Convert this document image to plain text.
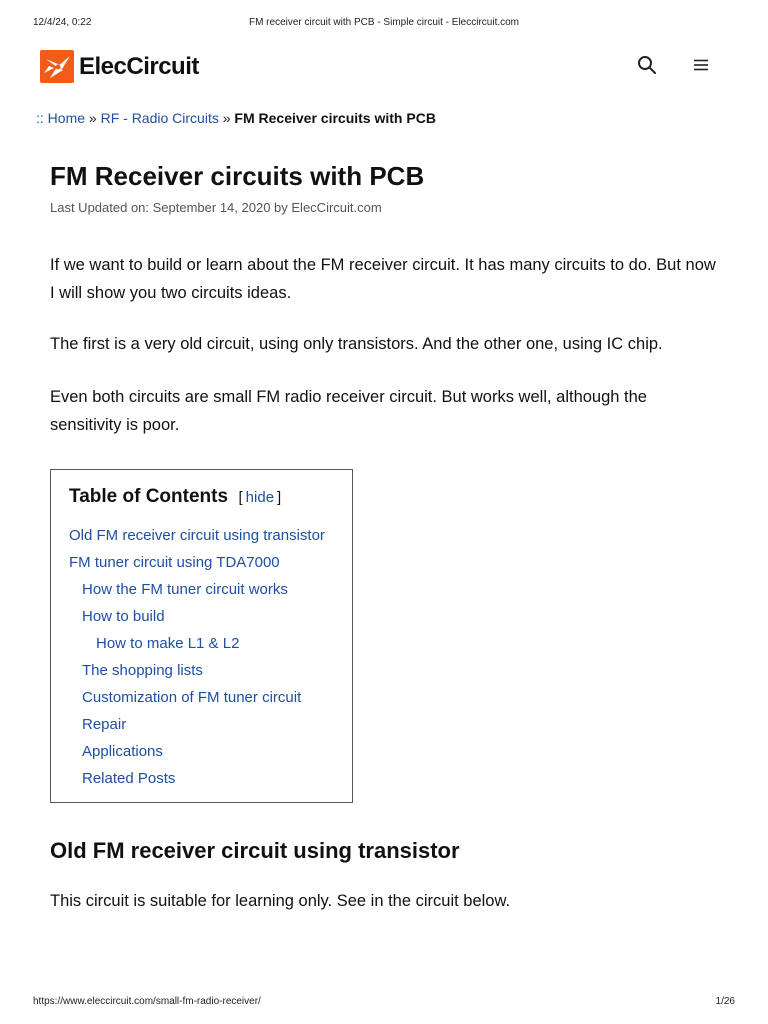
12/4/24, 0:22	FM receiver circuit with PCB - Simple circuit - Eleccircuit.com
ElecCircuit
:: Home » RF - Radio Circuits » FM Receiver circuits with PCB
FM Receiver circuits with PCB
Last Updated on: September 14, 2020 by ElecCircuit.com

If we want to build or learn about the FM receiver circuit. It has many circuits to do. But now I will show you two circuits ideas.

The first is a very old circuit, using only transistors. And the other one, using IC chip.

Even both circuits are small FM radio receiver circuit. But works well, although the sensitivity is poor.

Table of Contents [ hide ]
Old FM receiver circuit using transistor
FM tuner circuit using TDA7000
How the FM tuner circuit works
How to build
How to make L1 & L2
The shopping lists
Customization of FM tuner circuit
Repair
Applications
Related Posts
Old FM receiver circuit using transistor

This circuit is suitable for learning only. See in the circuit below.

https://www.eleccircuit.com/small-fm-radio-receiver/	1/26
